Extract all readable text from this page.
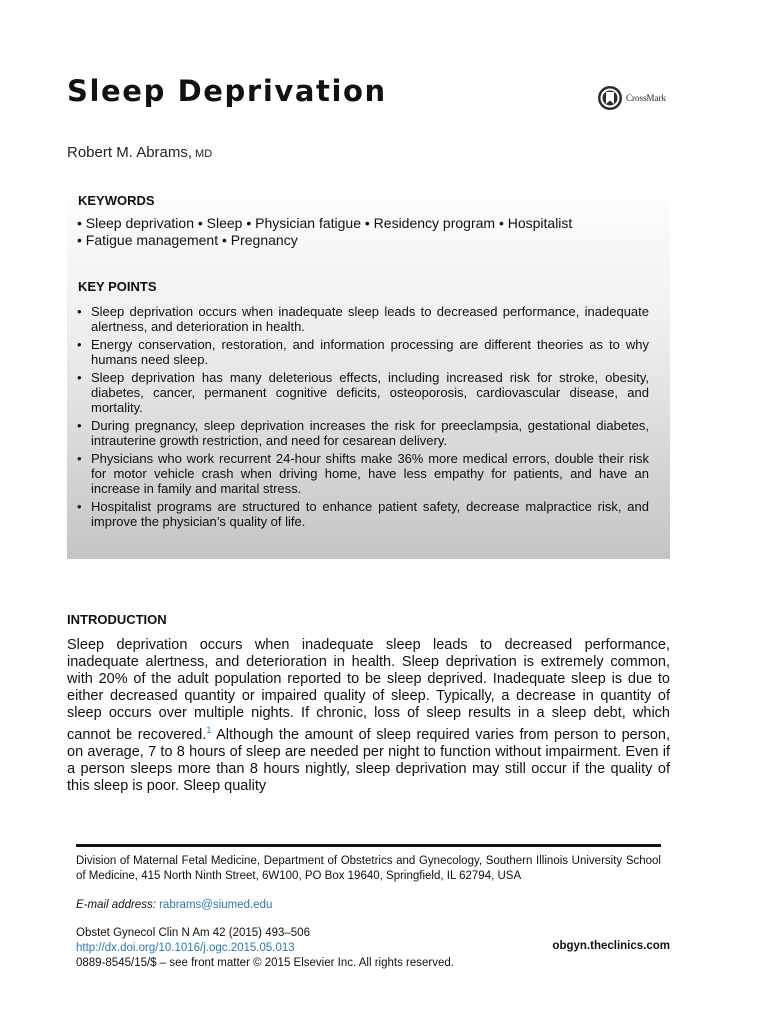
Sleep Deprivation	CrossMark
Robert M. Abrams, MD
KEYWORDS
• Sleep deprivation • Sleep • Physician fatigue • Residency program • Hospitalist
• Fatigue management • Pregnancy
KEY POINTS
• Sleep deprivation occurs when inadequate sleep leads to decreased performance, inadequate alertness, and deterioration in health.
• Energy conservation, restoration, and information processing are different theories as to why humans need sleep.
• Sleep deprivation has many deleterious effects, including increased risk for stroke, obesity, diabetes, cancer, permanent cognitive deficits, osteoporosis, cardiovascular disease, and mortality.
• During pregnancy, sleep deprivation increases the risk for preeclampsia, gestational diabetes, intrauterine growth restriction, and need for cesarean delivery.
• Physicians who work recurrent 24-hour shifts make 36% more medical errors, double their risk for motor vehicle crash when driving home, have less empathy for patients, and have an increase in family and marital stress.
• Hospitalist programs are structured to enhance patient safety, decrease malpractice risk, and improve the physician’s quality of life.
INTRODUCTION

Sleep deprivation occurs when inadequate sleep leads to decreased performance, inadequate alertness, and deterioration in health. Sleep deprivation is extremely common, with 20% of the adult population reported to be sleep deprived. Inadequate sleep is due to either decreased quantity or impaired quality of sleep. Typically, a decrease in quantity of sleep occurs over multiple nights. If chronic, loss of sleep results in a sleep debt, which cannot be recovered.$^1$ Although the amount of sleep required varies from person to person, on average, 7 to 8 hours of sleep are needed per night to function without impairment. Even if a person sleeps more than 8 hours nightly, sleep deprivation may still occur if the quality of this sleep is poor. Sleep quality

Division of Maternal Fetal Medicine, Department of Obstetrics and Gynecology, Southern Illinois University School of Medicine, 415 North Ninth Street, 6W100, PO Box 19640, Springfield, IL 62794, USA

E-mail address: rabrams@siumed.edu
Obstet Gynecol Clin N Am 42 (2015) 493–506
http://dx.doi.org/10.1016/j.ogc.2015.05.013
0889-8545/15/$ – see front matter © 2015 Elsevier Inc. All rights reserved.
obgyn.theclinics.com
